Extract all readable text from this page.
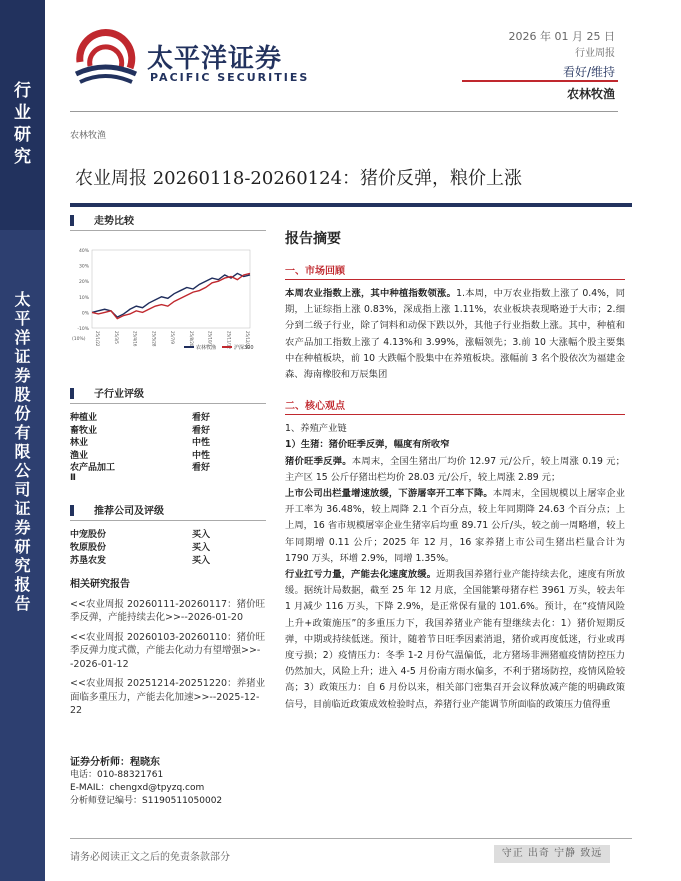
行
业
研
究
太
平
洋
证
券
股
份
有
限
公
司
证
券
研
究
报
告
太平洋证券
PACIFIC SECURITIES
2026 年 01 月 25 日
行业周报
看好/维持
农林牧渔
农林牧渔
农业周报 20260118-20260124：猪价反弹，粮价上涨
走势比较
40%
30%
20%
10%
0%
-10%
(10%) 25/1/22	25/3/5	25/4/16	25/5/28	25/7/9	25/8/20	25/10/1	25/11/12	25/12/24
农林牧渔	沪深300
子行业评级
种植业	看好
畜牧业	看好
林业	中性
渔业	中性
农产品加工	看好
Ⅱ
推荐公司及评级
中宠股份	买入
牧原股份	买入
苏垦农发	买入
相关研究报告
<<农业周报 20260111-20260117：猪价旺季反弹，产能持续去化>>--2026-01-20
<<农业周报 20260103-20260110：猪价旺季反弹力度式微，产能去化动力有望增强>>--2026-01-12
<<农业周报 20251214-20251220：养猪业面临多重压力，产能去化加速>>--2025-12-22
证券分析师：程晓东
电话：010-88321761
E-MAIL：chengxd@tpyzq.com
分析师登记编号：S1190511050002
报告摘要
一、市场回顾
本周农业指数上涨，其中种植指数领涨。1.本周，中万农业指数上涨了 0.4%，同期，上证综指上涨 0.83%，深成指上涨 1.11%，农业板块表现略逊于大市；2.细分到二级子行业，除了饲料和动保下跌以外，其他子行业指数上涨。其中，种植和农产品加工指数上涨了 4.13%和 3.99%，涨幅领先；3.前 10 大涨幅个股主要集中在种植板块，前 10 大跌幅个股集中在养殖板块。涨幅前 3 名个股依次为福建金森、海南橡胶和万辰集团
二、核心观点
1、养殖产业链
1）生猪：猪价旺季反弹，幅度有所收窄
猪价旺季反弹。本周末，全国生猪出厂均价 12.97 元/公斤，较上周涨 0.19 元；主产区 15 公斤仔猪出栏均价 28.03 元/公斤，较上周涨 2.89 元；
上市公司出栏量增速放缓，下游屠宰开工率下降。本周末，全国规模以上屠宰企业开工率为 36.48%，较上周降 2.1 个百分点，较上年同期降 24.63 个百分点；上上周，16 省市规模屠宰企业生猪宰后均重 89.71 公斤/头，较之前一周略增，较上年同期增 0.11 公斤；2025 年 12 月，16 家养猪上市公司生猪出栏量合计为 1790 万头，环增 2.9%，同增 1.35%。
行业扛亏力量，产能去化速度放缓。近期我国养猪行业产能持续去化，速度有所放缓。据统计局数据，截至 25 年 12 月底，全国能繁母猪存栏 3961 万头，较去年 1 月减少 116 万头，下降 2.9%，是正常保有量的 101.6%。预计，在“疫情风险上升+政策施压”的多重压力下，我国养猪业产能有望继续去化：1）猪价短期反弹，中期或持续低迷。预计，随着节日旺季因素消退，猪价或再度低迷，行业或再度亏损；2）疫情压力：冬季 1-2 月份气温偏低，北方猪场非洲猪瘟疫情防控压力仍然加大，风险上升；进入 4-5 月份南方雨水偏多，不利于猪场防控，疫情风险较高；3）政策压力：自 6 月份以来，相关部门密集召开会议释放减产能的明确政策信号，目前临近政策成效检验时点，养猪行业产能调节所面临的政策压力值得重
请务必阅读正文之后的免责条款部分	守正 出奇 宁静 致远
